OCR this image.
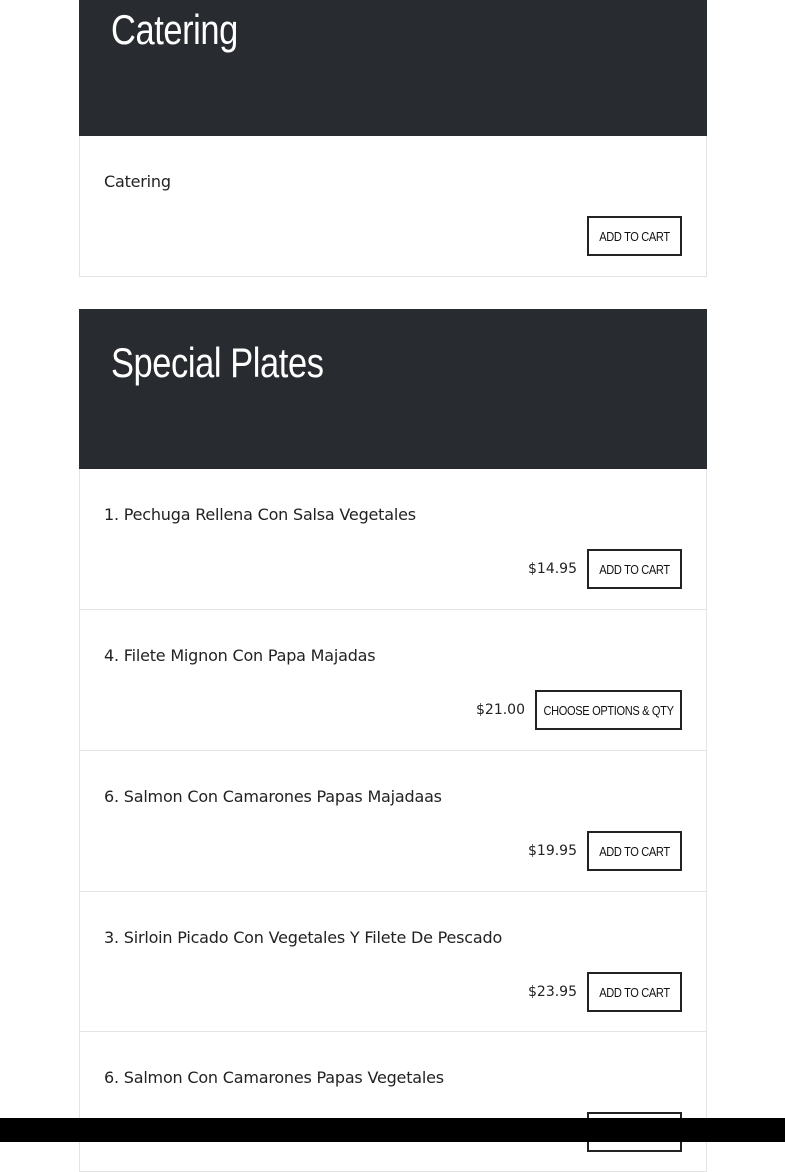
Catering
Catering
ADD TO CART
Special Plates
1. Pechuga Rellena Con Salsa Vegetales
$14.95 ADD TO CART
4. Filete Mignon Con Papa Majadas
$21.00 CHOOSE OPTIONS & QTY
6. Salmon Con Camarones Papas Majadaas
$19.95 ADD TO CART
3. Sirloin Picado Con Vegetales Y Filete De Pescado
$23.95 ADD TO CART
6. Salmon Con Camarones Papas Vegetales
